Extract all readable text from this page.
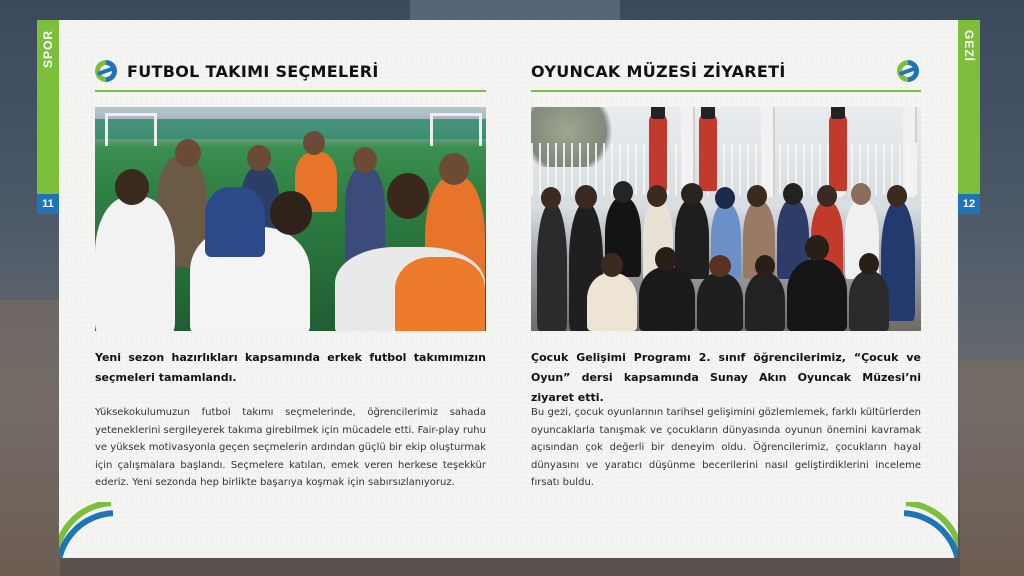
SPOR
11
GEZİ
12
FUTBOL TAKIMI SEÇMELERİ
Yeni sezon hazırlıkları kapsamında erkek futbol takımımızın seçmeleri tamamlandı.
Yüksekokulumuzun futbol takımı seçmelerinde, öğrencilerimiz sahada yeteneklerini sergileyerek takıma girebilmek için mücadele etti. Fair-play ruhu ve yüksek motivasyonla geçen seçmelerin ardından güçlü bir ekip oluşturmak için çalışmalara başlandı. Seçmelere katılan, emek veren herkese teşekkür ederiz. Yeni sezonda hep birlikte başarıya koşmak için sabırsızlanıyoruz.
OYUNCAK MÜZESİ ZİYARETİ
Çocuk Gelişimi Programı 2. sınıf öğrencilerimiz, “Çocuk ve Oyun” dersi kapsamında Sunay Akın Oyuncak Müzesi’ni ziyaret etti.
Bu gezi, çocuk oyunlarının tarihsel gelişimini gözlemlemek, farklı kültürlerden oyuncaklarla tanışmak ve çocukların dünyasında oyunun önemini kavramak açısından çok değerli bir deneyim oldu. Öğrencilerimiz, çocukların hayal dünyasını ve yaratıcı düşünme becerilerini nasıl geliştirdiklerini inceleme fırsatı buldu.
